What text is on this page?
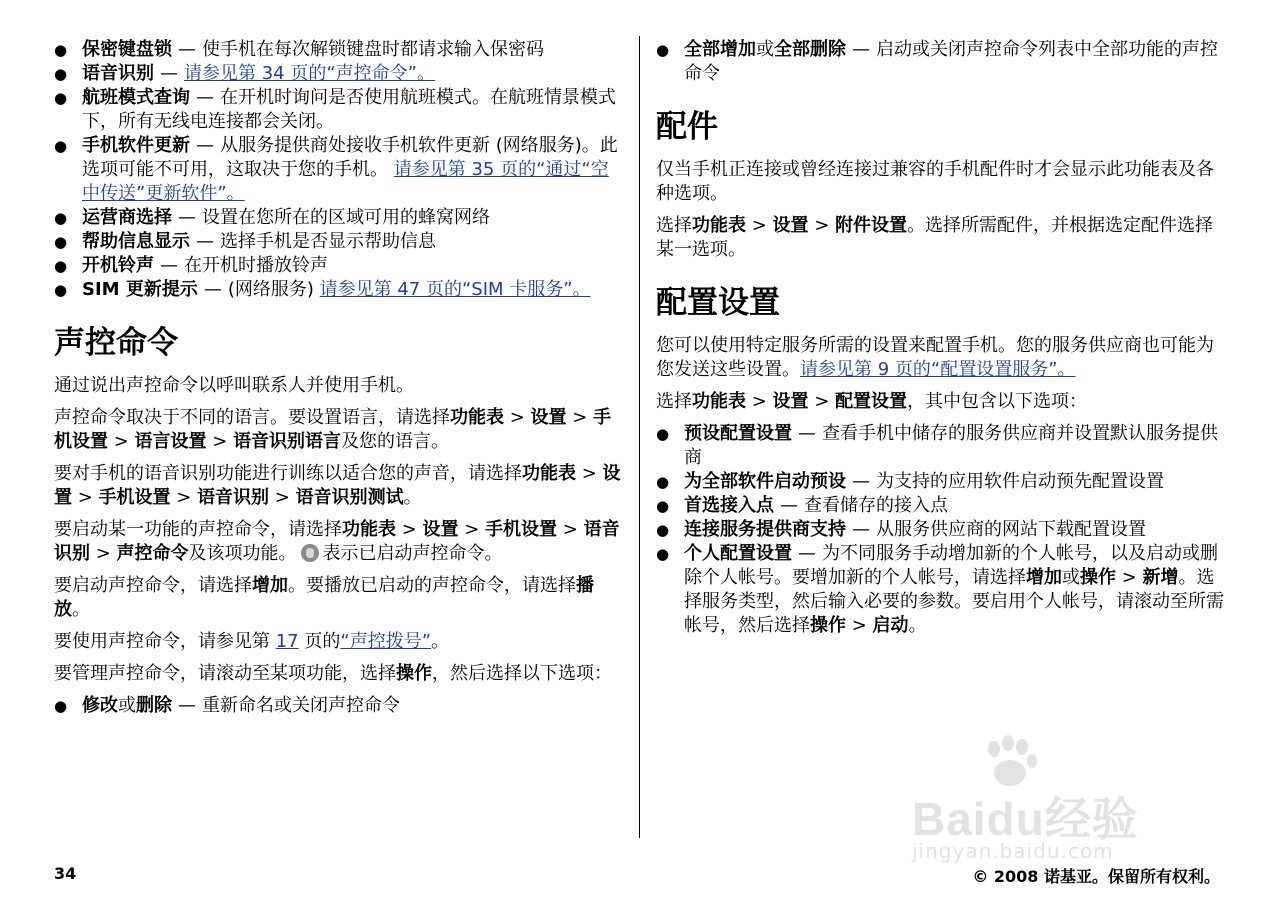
● 保密键盘锁 — 使手机在每次解锁键盘时都请求输入保密码
● 语音识别 — 请参见第 34 页的“声控命令”。
● 航班模式查询 — 在开机时询问是否使用航班模式。在航班情景模式下，所有无线电连接都会关闭。
● 手机软件更新 — 从服务提供商处接收手机软件更新 (网络服务)。此选项可能不可用，这取决于您的手机。 请参见第 35 页的“通过“空中传送”更新软件”。
● 运营商选择 — 设置在您所在的区域可用的蜂窝网络
● 帮助信息显示 — 选择手机是否显示帮助信息
● 开机铃声 — 在开机时播放铃声
● SIM 更新提示 — (网络服务) 请参见第 47 页的“SIM 卡服务”。
声控命令

通过说出声控命令以呼叫联系人并使用手机。

声控命令取决于不同的语言。要设置语言，请选择功能表 > 设置 > 手机设置 > 语言设置 > 语音识别语言及您的语言。

要对手机的语音识别功能进行训练以适合您的声音，请选择功能表 > 设置 > 手机设置 > 语音识别 > 语音识别测试。

要启动某一功能的声控命令，请选择功能表 > 设置 > 手机设置 > 语音识别 > 声控命令及该项功能。 表示已启动声控命令。

要启动声控命令，请选择增加。要播放已启动的声控命令，请选择播放。

要使用声控命令，请参见第 17 页的“声控拨号”。

要管理声控命令，请滚动至某项功能，选择操作，然后选择以下选项：

● 修改或删除 — 重新命名或关闭声控命令
● 全部增加或全部删除 — 启动或关闭声控命令列表中全部功能的声控命令
配件

仅当手机正连接或曾经连接过兼容的手机配件时才会显示此功能表及各种选项。

选择功能表 > 设置 > 附件设置。选择所需配件，并根据选定配件选择某一选项。

配置设置

您可以使用特定服务所需的设置来配置手机。您的服务供应商也可能为您发送这些设置。请参见第 9 页的“配置设置服务”。

选择功能表 > 设置 > 配置设置，其中包含以下选项：

● 预设配置设置 — 查看手机中储存的服务供应商并设置默认服务提供商
● 为全部软件启动预设 — 为支持的应用软件启动预先配置设置
● 首选接入点 — 查看储存的接入点
● 连接服务提供商支持 — 从服务供应商的网站下载配置设置
● 个人配置设置 — 为不同服务手动增加新的个人帐号，以及启动或删除个人帐号。要增加新的个人帐号，请选择增加或操作 > 新增。选择服务类型，然后输入必要的参数。要启用个人帐号，请滚动至所需帐号，然后选择操作 > 启动。
Baidu经验
jingyan.baidu.com
34	© 2008 诺基亚。保留所有权利。
